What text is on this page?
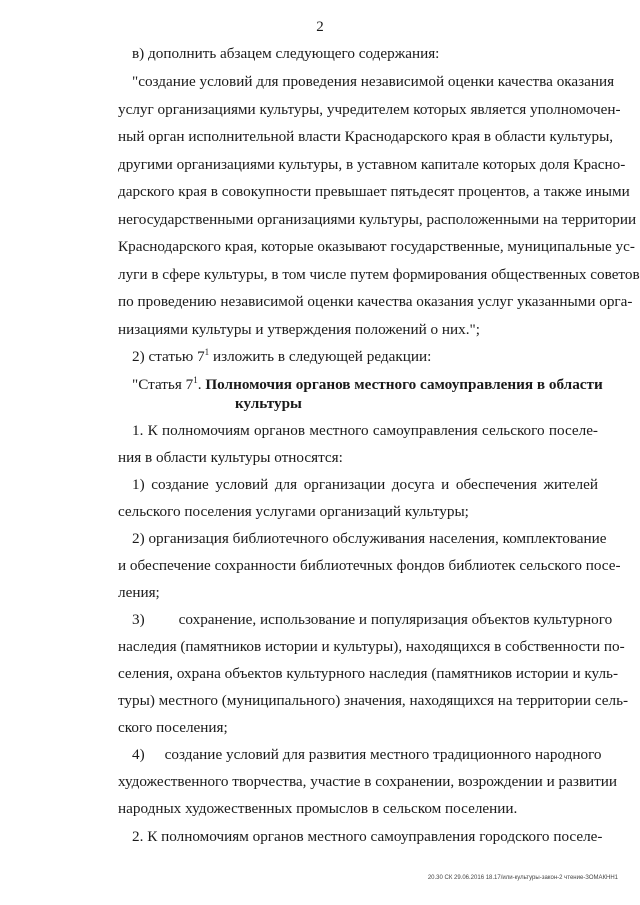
2
в) дополнить абзацем следующего содержания:
"создание условий для проведения независимой оценки качества оказания
услуг организациями культуры, учредителем которых является уполномочен-
ный орган исполнительной власти Краснодарского края в области культуры,
другими организациями культуры, в уставном капитале которых доля Красно-
дарского края в совокупности превышает пятьдесят процентов, а также иными
негосударственными организациями культуры, расположенными на территории
Краснодарского края, которые оказывают государственные, муниципальные ус-
луги в сфере культуры, в том числе путем формирования общественных советов
по проведению независимой оценки качества оказания услуг указанными орга-
низациями культуры и утверждения положений о них.";
2) статью $7^1$ изложить в следующей редакции:
"Статья $7^1$. Полномочия органов местного самоуправления в области
культуры
1. К полномочиям органов местного самоуправления сельского поселе-
ния в области культуры относятся:
1) создание условий для организации досуга и обеспечения жителей
сельского поселения услугами организаций культуры;
2) организация библиотечного обслуживания населения, комплектование
и обеспечение сохранности библиотечных фондов библиотек сельского посе-
ления;
3) сохранение, использование и популяризация объектов культурного
наследия (памятников истории и культуры), находящихся в собственности по-
селения, охрана объектов культурного наследия (памятников истории и куль-
туры) местного (муниципального) значения, находящихся на территории сель-
ского поселения;
4) создание условий для развития местного традиционного народного
художественного творчества, участие в сохранении, возрождении и развитии
народных художественных промыслов в сельском поселении.
2. К полномочиям органов местного самоуправления городского поселе-
20.30 СК 29.06.2016 18.17/или-культуры-закон-2 чтение-ЗОМАКНН1
